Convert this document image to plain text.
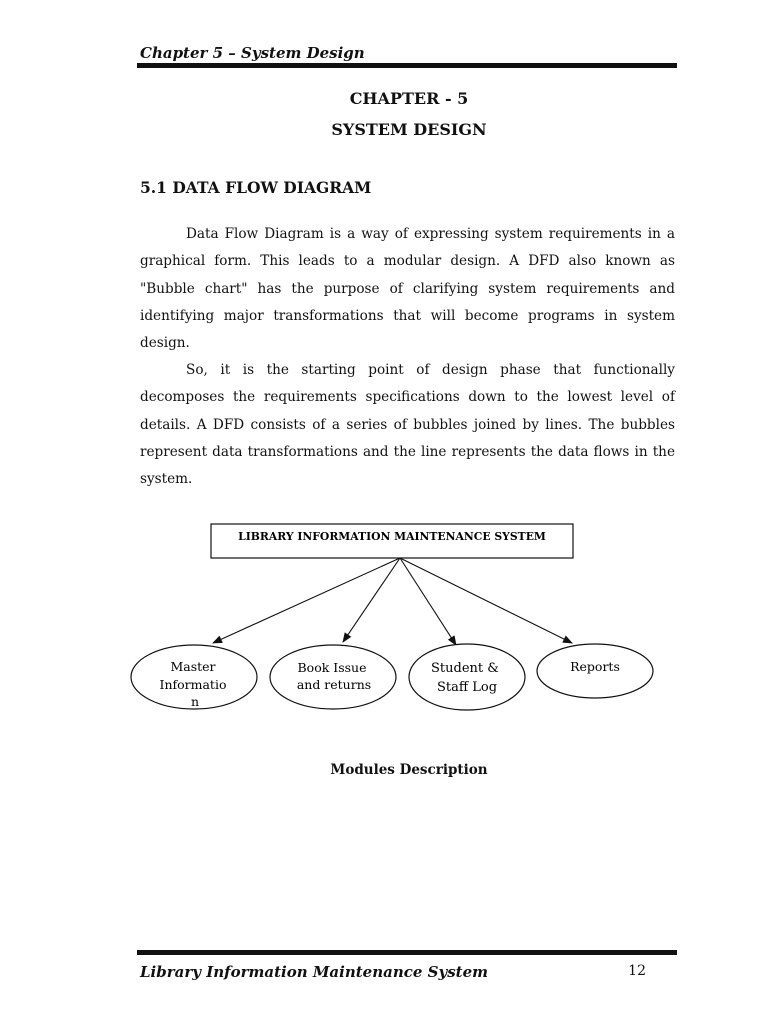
Chapter 5 – System Design
CHAPTER - 5
SYSTEM DESIGN
5.1 DATA FLOW DIAGRAM
Data Flow Diagram is a way of expressing system requirements in a graphical form. This leads to a modular design. A DFD also known as "Bubble chart" has the purpose of clarifying system requirements and identifying major transformations that will become programs in system design.
So, it is the starting point of design phase that functionally decomposes the requirements specifications down to the lowest level of details. A DFD consists of a series of bubbles joined by lines. The bubbles represent data transformations and the line represents the data flows in the system.
LIBRARY INFORMATION MAINTENANCE SYSTEM
Master Informatio n
Book Issue and returns
Student & Staff Log
Reports
Modules Description
Library Information Maintenance System	12
